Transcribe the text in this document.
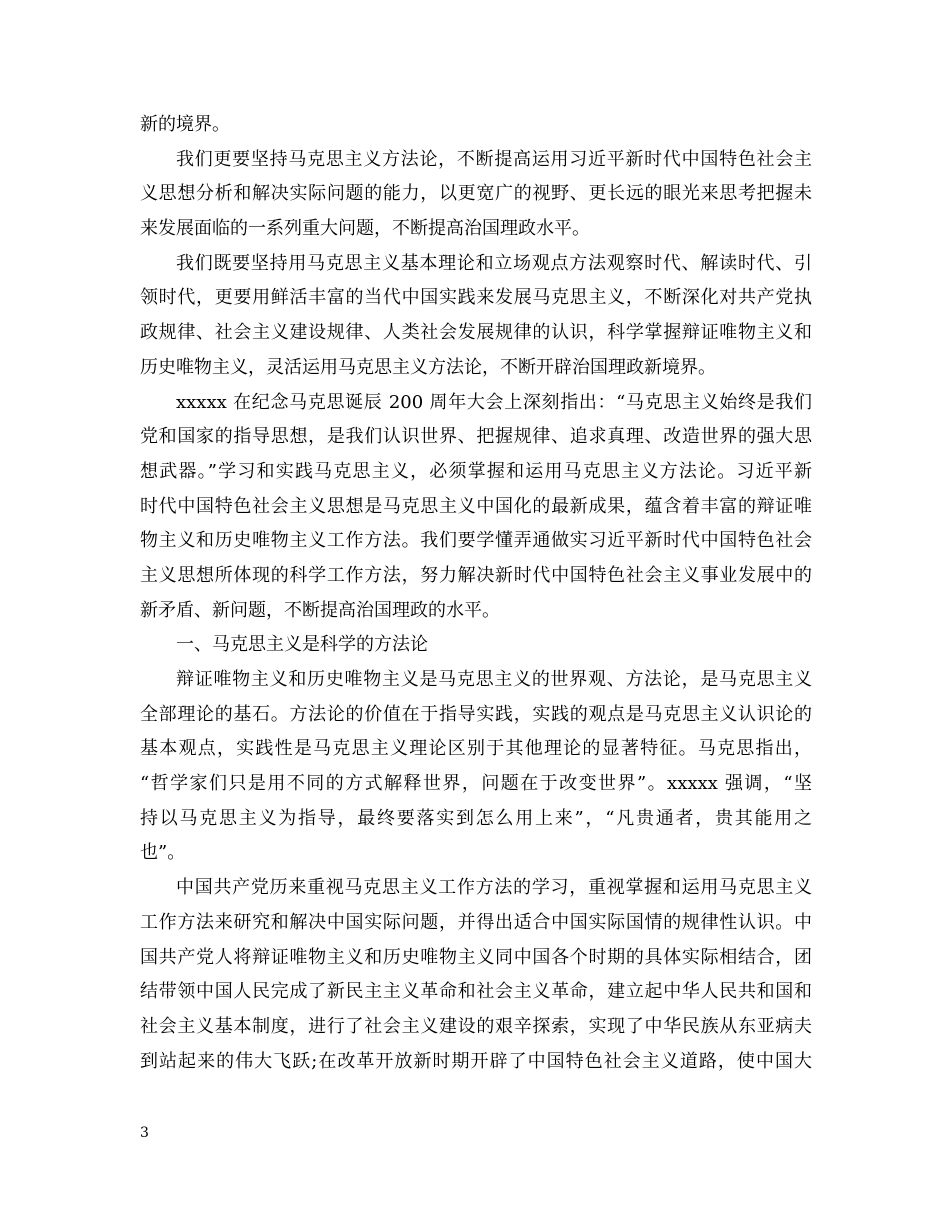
新的境界。
我们更要坚持马克思主义方法论，不断提高运用习近平新时代中国特色社会主
义思想分析和解决实际问题的能力，以更宽广的视野、更长远的眼光来思考把握未
来发展面临的一系列重大问题，不断提高治国理政水平。
我们既要坚持用马克思主义基本理论和立场观点方法观察时代、解读时代、引
领时代，更要用鲜活丰富的当代中国实践来发展马克思主义，不断深化对共产党执
政规律、社会主义建设规律、人类社会发展规律的认识，科学掌握辩证唯物主义和
历史唯物主义，灵活运用马克思主义方法论，不断开辟治国理政新境界。
xxxxx 在纪念马克思诞辰 200 周年大会上深刻指出：“马克思主义始终是我们
党和国家的指导思想，是我们认识世界、把握规律、追求真理、改造世界的强大思
想武器。”学习和实践马克思主义，必须掌握和运用马克思主义方法论。习近平新
时代中国特色社会主义思想是马克思主义中国化的最新成果，蕴含着丰富的辩证唯
物主义和历史唯物主义工作方法。我们要学懂弄通做实习近平新时代中国特色社会
主义思想所体现的科学工作方法，努力解决新时代中国特色社会主义事业发展中的
新矛盾、新问题，不断提高治国理政的水平。
一、马克思主义是科学的方法论
辩证唯物主义和历史唯物主义是马克思主义的世界观、方法论，是马克思主义
全部理论的基石。方法论的价值在于指导实践，实践的观点是马克思主义认识论的
基本观点，实践性是马克思主义理论区别于其他理论的显著特征。马克思指出，
“哲学家们只是用不同的方式解释世界，问题在于改变世界”。xxxxx 强调，“坚
持以马克思主义为指导，最终要落实到怎么用上来”，“凡贵通者，贵其能用之
也”。
中国共产党历来重视马克思主义工作方法的学习，重视掌握和运用马克思主义
工作方法来研究和解决中国实际问题，并得出适合中国实际国情的规律性认识。中
国共产党人将辩证唯物主义和历史唯物主义同中国各个时期的具体实际相结合，团
结带领中国人民完成了新民主主义革命和社会主义革命，建立起中华人民共和国和
社会主义基本制度，进行了社会主义建设的艰辛探索，实现了中华民族从东亚病夫
到站起来的伟大飞跃;在改革开放新时期开辟了中国特色社会主义道路，使中国大
3
